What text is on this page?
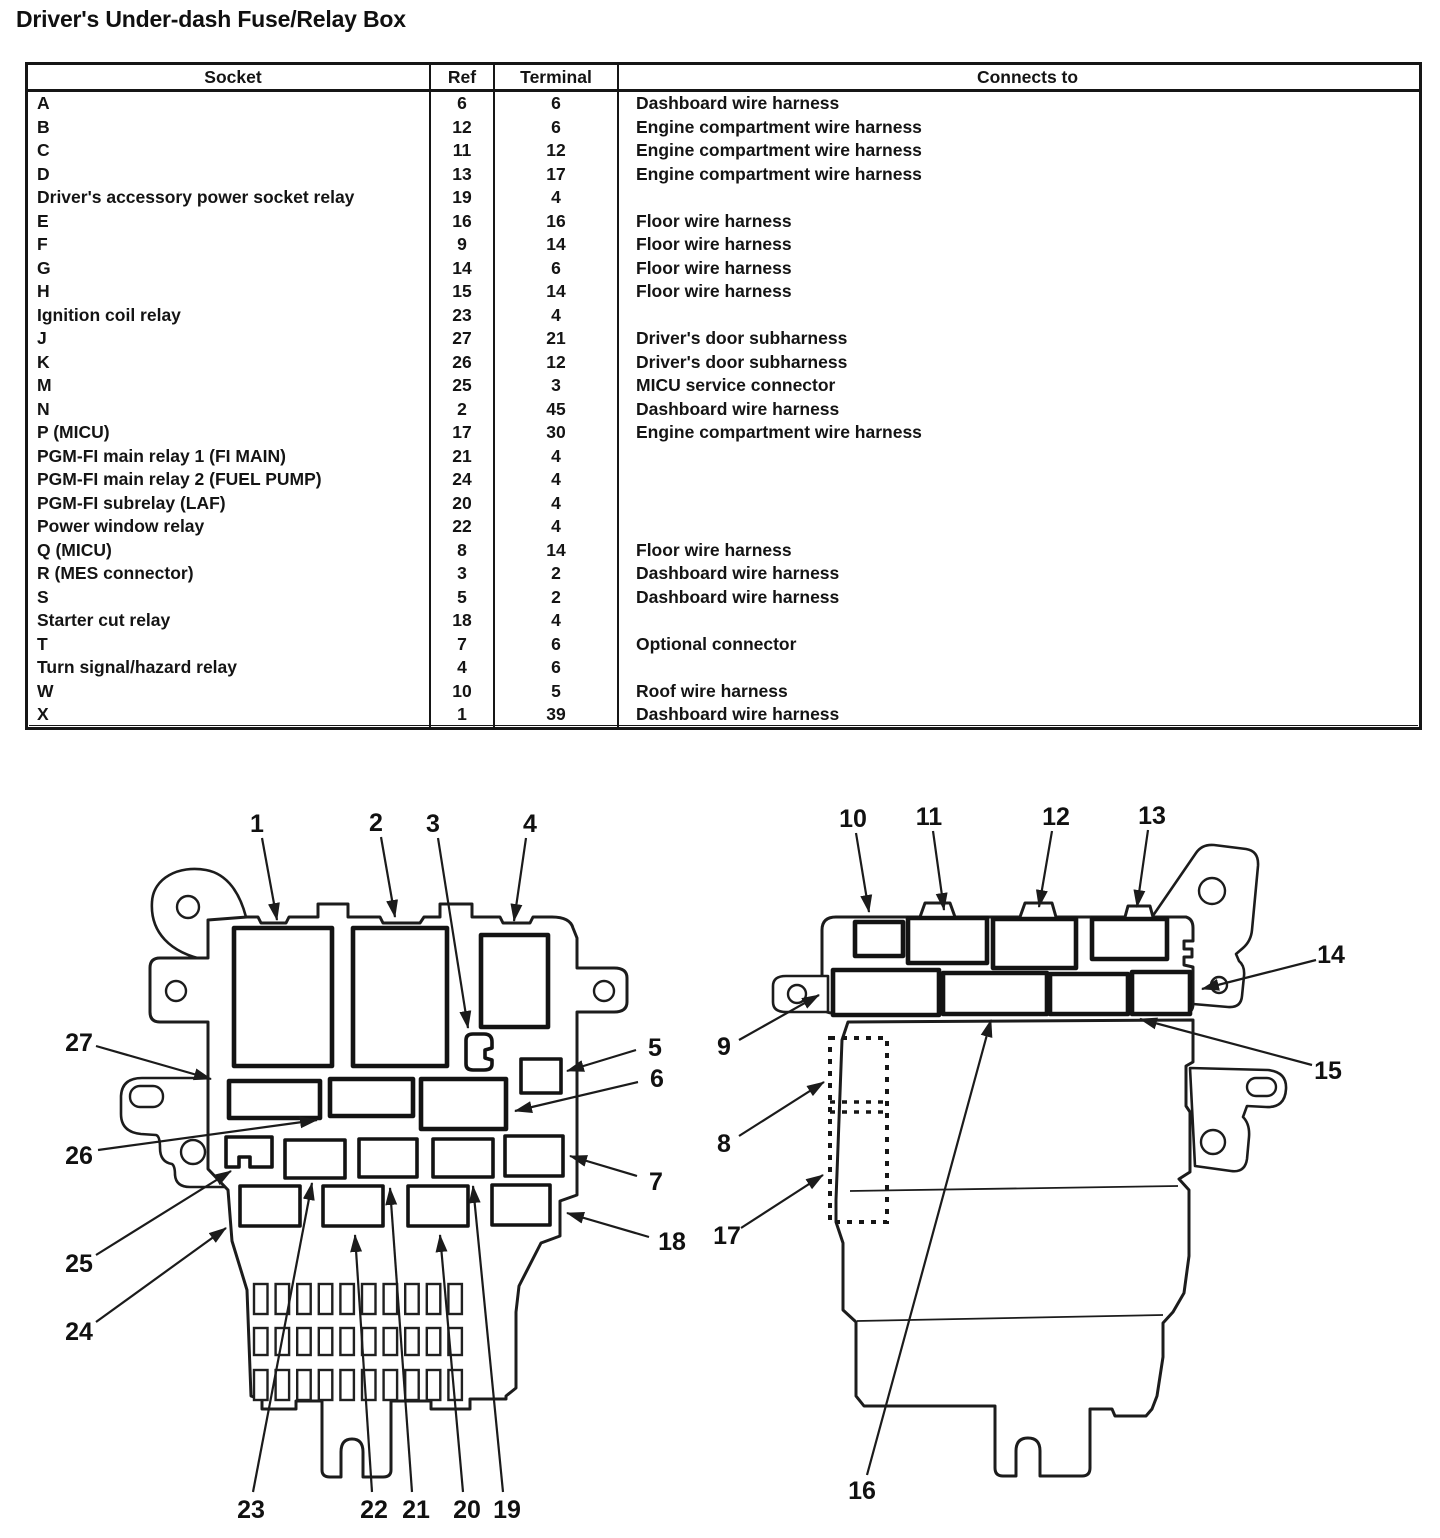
Driver's Under-dash Fuse/Relay Box
Socket	Ref	Terminal	Connects to
A	6	6	Dashboard wire harness
B	12	6	Engine compartment wire harness
C	11	12	Engine compartment wire harness
D	13	17	Engine compartment wire harness
Driver's accessory power socket relay	19	4	
E	16	16	Floor wire harness
F	9	14	Floor wire harness
G	14	6	Floor wire harness
H	15	14	Floor wire harness
Ignition coil relay	23	4	
J	27	21	Driver's door subharness
K	26	12	Driver's door subharness
M	25	3	MICU service connector
N	2	45	Dashboard wire harness
P (MICU)	17	30	Engine compartment wire harness
PGM-FI main relay 1 (FI MAIN)	21	4	
PGM-FI main relay 2 (FUEL PUMP)	24	4	
PGM-FI subrelay (LAF)	20	4	
Power window relay	22	4	
Q (MICU)	8	14	Floor wire harness
R (MES connector)	3	2	Dashboard wire harness
S	5	2	Dashboard wire harness
Starter cut relay	18	4	
T	7	6	Optional connector
Turn signal/hazard relay	4	6	
W	10	5	Roof wire harness
X	1	39	Dashboard wire harness
1	2 3	4
5
6
7
18
27
26
25
24
23	22 21 20 19
10 11	12	13
14
15
9
8
17
16
